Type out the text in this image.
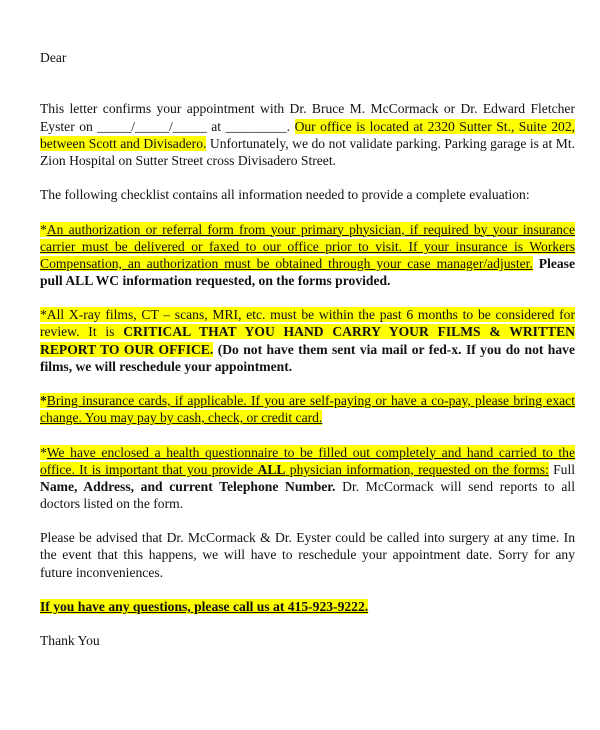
Dear

This letter confirms your appointment with Dr. Bruce M. McCormack or Dr. Edward Fletcher Eyster on _____/_____/_____ at _________. Our office is located at 2320 Sutter St., Suite 202, between Scott and Divisadero. Unfortunately, we do not validate parking. Parking garage is at Mt. Zion Hospital on Sutter Street cross Divisadero Street.

The following checklist contains all information needed to provide a complete evaluation:

*An authorization or referral form from your primary physician, if required by your insurance carrier must be delivered or faxed to our office prior to visit. If your insurance is Workers Compensation, an authorization must be obtained through your case manager/adjuster. Please pull ALL WC information requested, on the forms provided.

*All X-ray films, CT – scans, MRI, etc. must be within the past 6 months to be considered for review. It is CRITICAL THAT YOU HAND CARRY YOUR FILMS & WRITTEN REPORT TO OUR OFFICE. (Do not have them sent via mail or fed-x. If you do not have films, we will reschedule your appointment.

*Bring insurance cards, if applicable. If you are self-paying or have a co-pay, please bring exact change. You may pay by cash, check, or credit card.

*We have enclosed a health questionnaire to be filled out completely and hand carried to the office. It is important that you provide ALL physician information, requested on the forms: Full Name, Address, and current Telephone Number. Dr. McCormack will send reports to all doctors listed on the form.

Please be advised that Dr. McCormack & Dr. Eyster could be called into surgery at any time. In the event that this happens, we will have to reschedule your appointment date. Sorry for any future inconveniences.

If you have any questions, please call us at 415-923-9222.

Thank You
